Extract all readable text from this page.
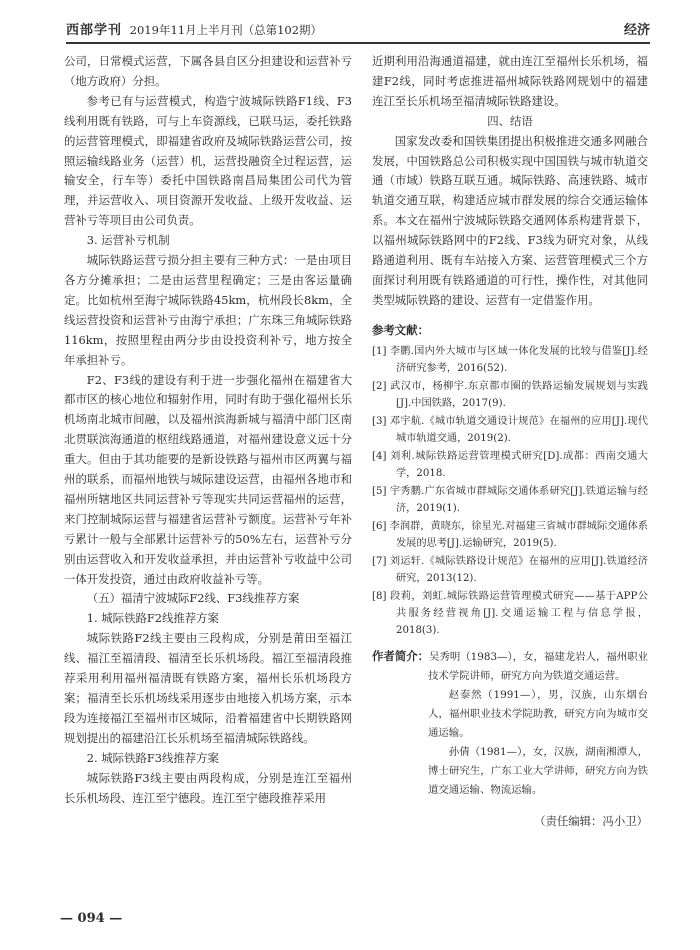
西部学刊 2019年11月上半月刊（总第102期）	经济

公司，日常模式运营，下属各县自区分担建设和运营补亏（地方政府）分担。

参考已有与运营模式，构造宁波城际铁路F1线、F3线利用既有铁路，可与上车资源线，已联马运，委托铁路的运营管理模式，即福建省政府及城际铁路运营公司，按照运输线路业务（运营）机，运营投融资全过程运营，运输安全，行车等）委托中国铁路南昌局集团公司代为管理，并运营收入、项目资源开发收益、上级开发收益、运营补亏等项目由公司负责。

3. 运营补亏机制

城际铁路运营亏损分担主要有三种方式：一是由项目各方分摊承担；二是由运营里程确定；三是由客运量确定。比如杭州至海宁城际铁路45km，杭州段长8km，全线运营投资和运营补亏由海宁承担；广东珠三角城际铁路116km，按照里程由两分步由设投资利补亏，地方按全年承担补亏。

F2、F3线的建设有利于进一步强化福州在福建省大都市区的核心地位和辐射作用，同时有助于强化福州长乐机场南北城市间融，以及福州滨海新城与福清中部门区南北贯联滨海通道的枢纽线路通道，对福州建设意义远十分重大。但由于其功能要的是新设铁路与福州市区两翼与福州的联系，而福州地铁与城际建设运营，由福州各地市和福州所辖地区共同运营补亏等现实共同运营福州的运营，来门控制城际运营与福建省运营补亏额度。运营补亏年补亏累计一般与全部累计运营补亏的50%左右，运营补亏分别由运营收入和开发收益承担，并由运营补亏收益中公司一体开发投资，通过由政府收益补亏等。

（五）福清宁波城际F2线、F3线推荐方案

1. 城际铁路F2线推荐方案

城际铁路F2线主要由三段构成，分别是莆田至福江线、福江至福清段、福清至长乐机场段。福江至福清段推荐采用利用福州福清既有铁路方案，福州长乐机场段方案；福清至长乐机场线采用逐步由地接入机场方案，示本段为连接福江至福州市区城际，沿着福建省中长期铁路网规划提出的福建沿江长乐机场至福清城际铁路线。

2. 城际铁路F3线推荐方案

城际铁路F3线主要由两段构成，分别是连江至福州长乐机场段、连江至宁德段。连江至宁德段推荐采用

近期利用沿海通道福建，就由连江至福州长乐机场，福建F2线，同时考虑推进福州城际铁路网规划中的福建连江至长乐机场至福清城际铁路建设。

四、结语

国家发改委和国铁集团提出积极推进交通多网融合发展，中国铁路总公司积极实现中国国铁与城市轨道交通（市域）铁路互联互通。城际铁路、高速铁路、城市轨道交通互联，构建适应城市群发展的综合交通运输体系。本文在福州宁波城际铁路交通网体系构建背景下，以福州城际铁路网中的F2线、F3线为研究对象，从线路通道利用、既有车站接入方案、运营管理模式三个方面探讨利用既有铁路通道的可行性，操作性，对其他同类型城际铁路的建设、运营有一定借鉴作用。

参考文献：
[1] 李鹏.国内外大城市与区域一体化发展的比较与借鉴[J].经济研究参考，2016(52).
[2] 武汉市，杨柳宇.东京都市圈的铁路运输发展规划与实践[J].中国铁路，2017(9).
[3] 邓宇航.《城市轨道交通设计规范》在福州的应用[J].现代城市轨道交通，2019(2).
[4] 刘利.城际铁路运营管理模式研究[D].成都：西南交通大学，2018.
[5] 宇秀鹏.广东省城市群城际交通体系研究[J].铁道运输与经济，2019(1).
[6] 李润群，黄晓东，徐星光.对福建三省城市群城际交通体系发展的思考[J].运输研究，2019(5).
[7] 刘运轩.《城际铁路设计规范》在福州的应用[J].铁道经济研究，2013(12).
[8] 段莉，刘虹.城际铁路运营管理模式研究——基于APP公共服务经营视角[J].交通运输工程与信息学报，2018(3).

作者简介：吴秀明（1983—），女，福建龙岩人，福州职业技术学院讲师，研究方向为铁道交通运营。

赵泰然（1991—），男，汉族，山东烟台人，福州职业技术学院助教，研究方向为城市交通运输。

孙倩（1981—），女，汉族，湖南湘潭人，博士研究生，广东工业大学讲师，研究方向为铁道交通运输、物流运输。

（责任编辑：冯小卫）
— 094 —
